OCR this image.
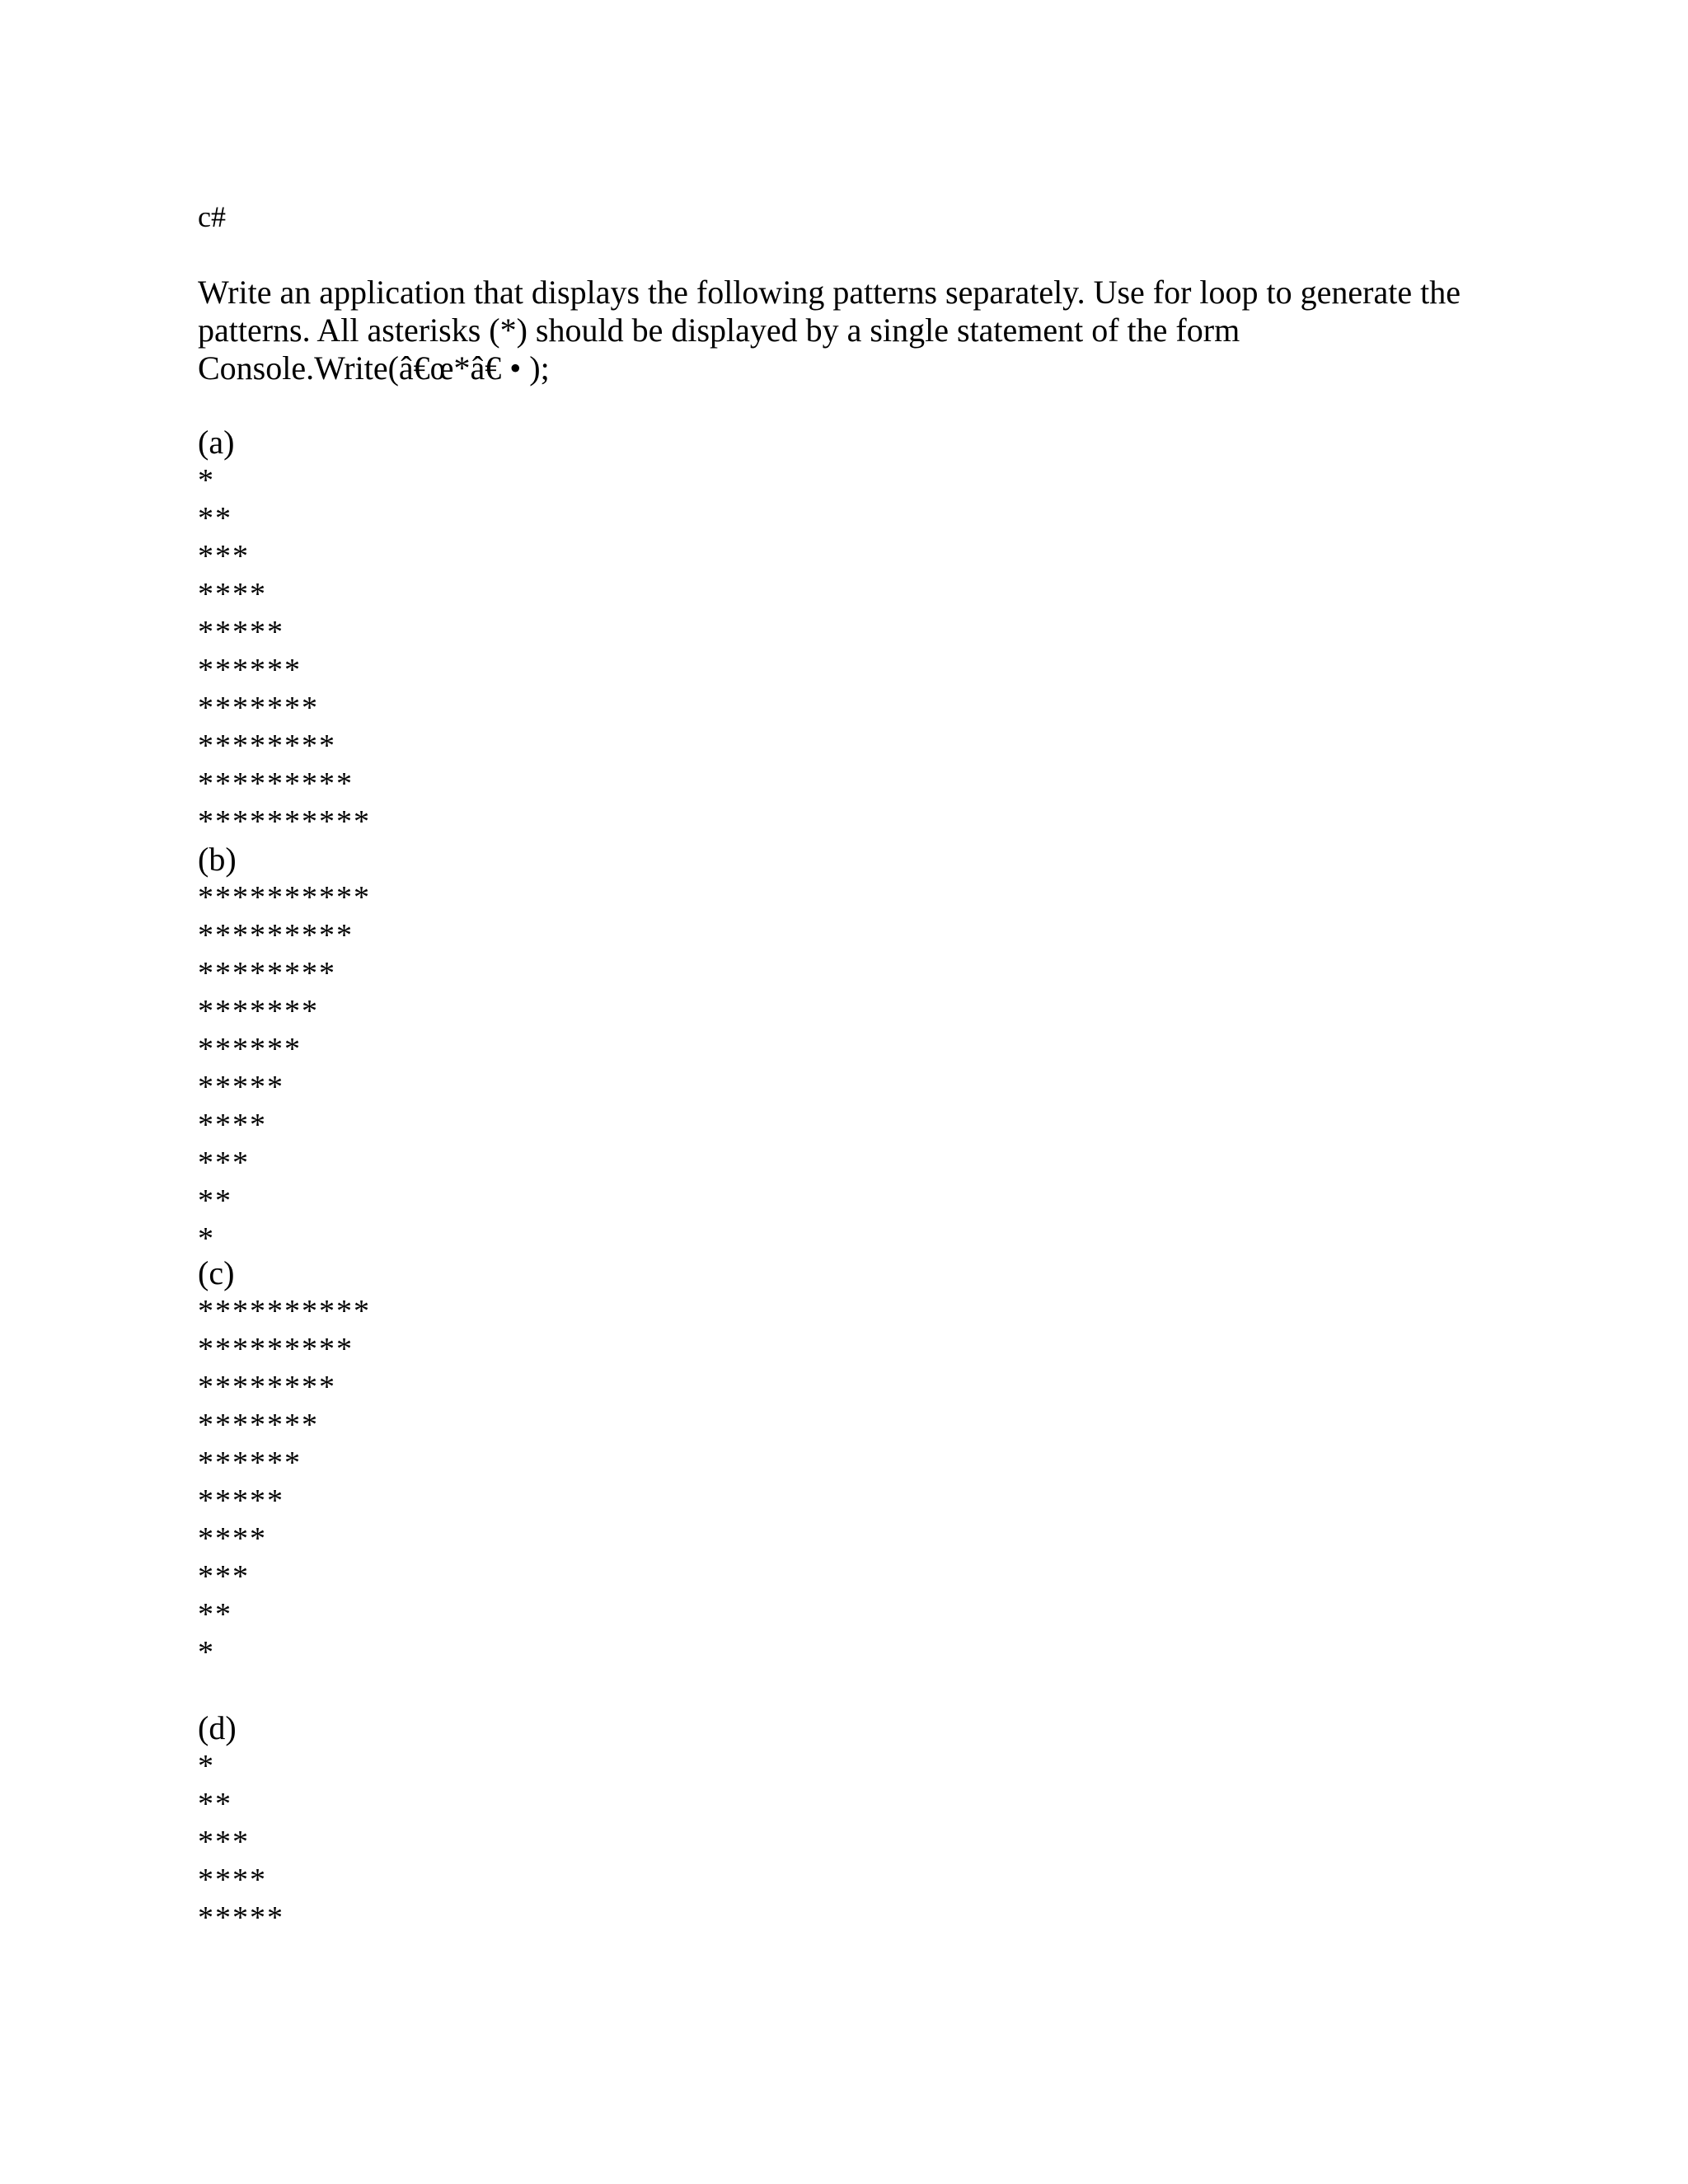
c#

Write an application that displays the following patterns separately. Use for loop to generate the
patterns. All asterisks (*) should be displayed by a single statement of the form
Console.Write(â€œ*â€ • );
(a)
*
**
***
****
*****
******
*******
********
*********
**********
(b)
**********
*********
********
*******
******
*****
****
***
**
*
(c)
**********
*********
********
*******
******
*****
****
***
**
*
(d)
*
**
***
****
*****
